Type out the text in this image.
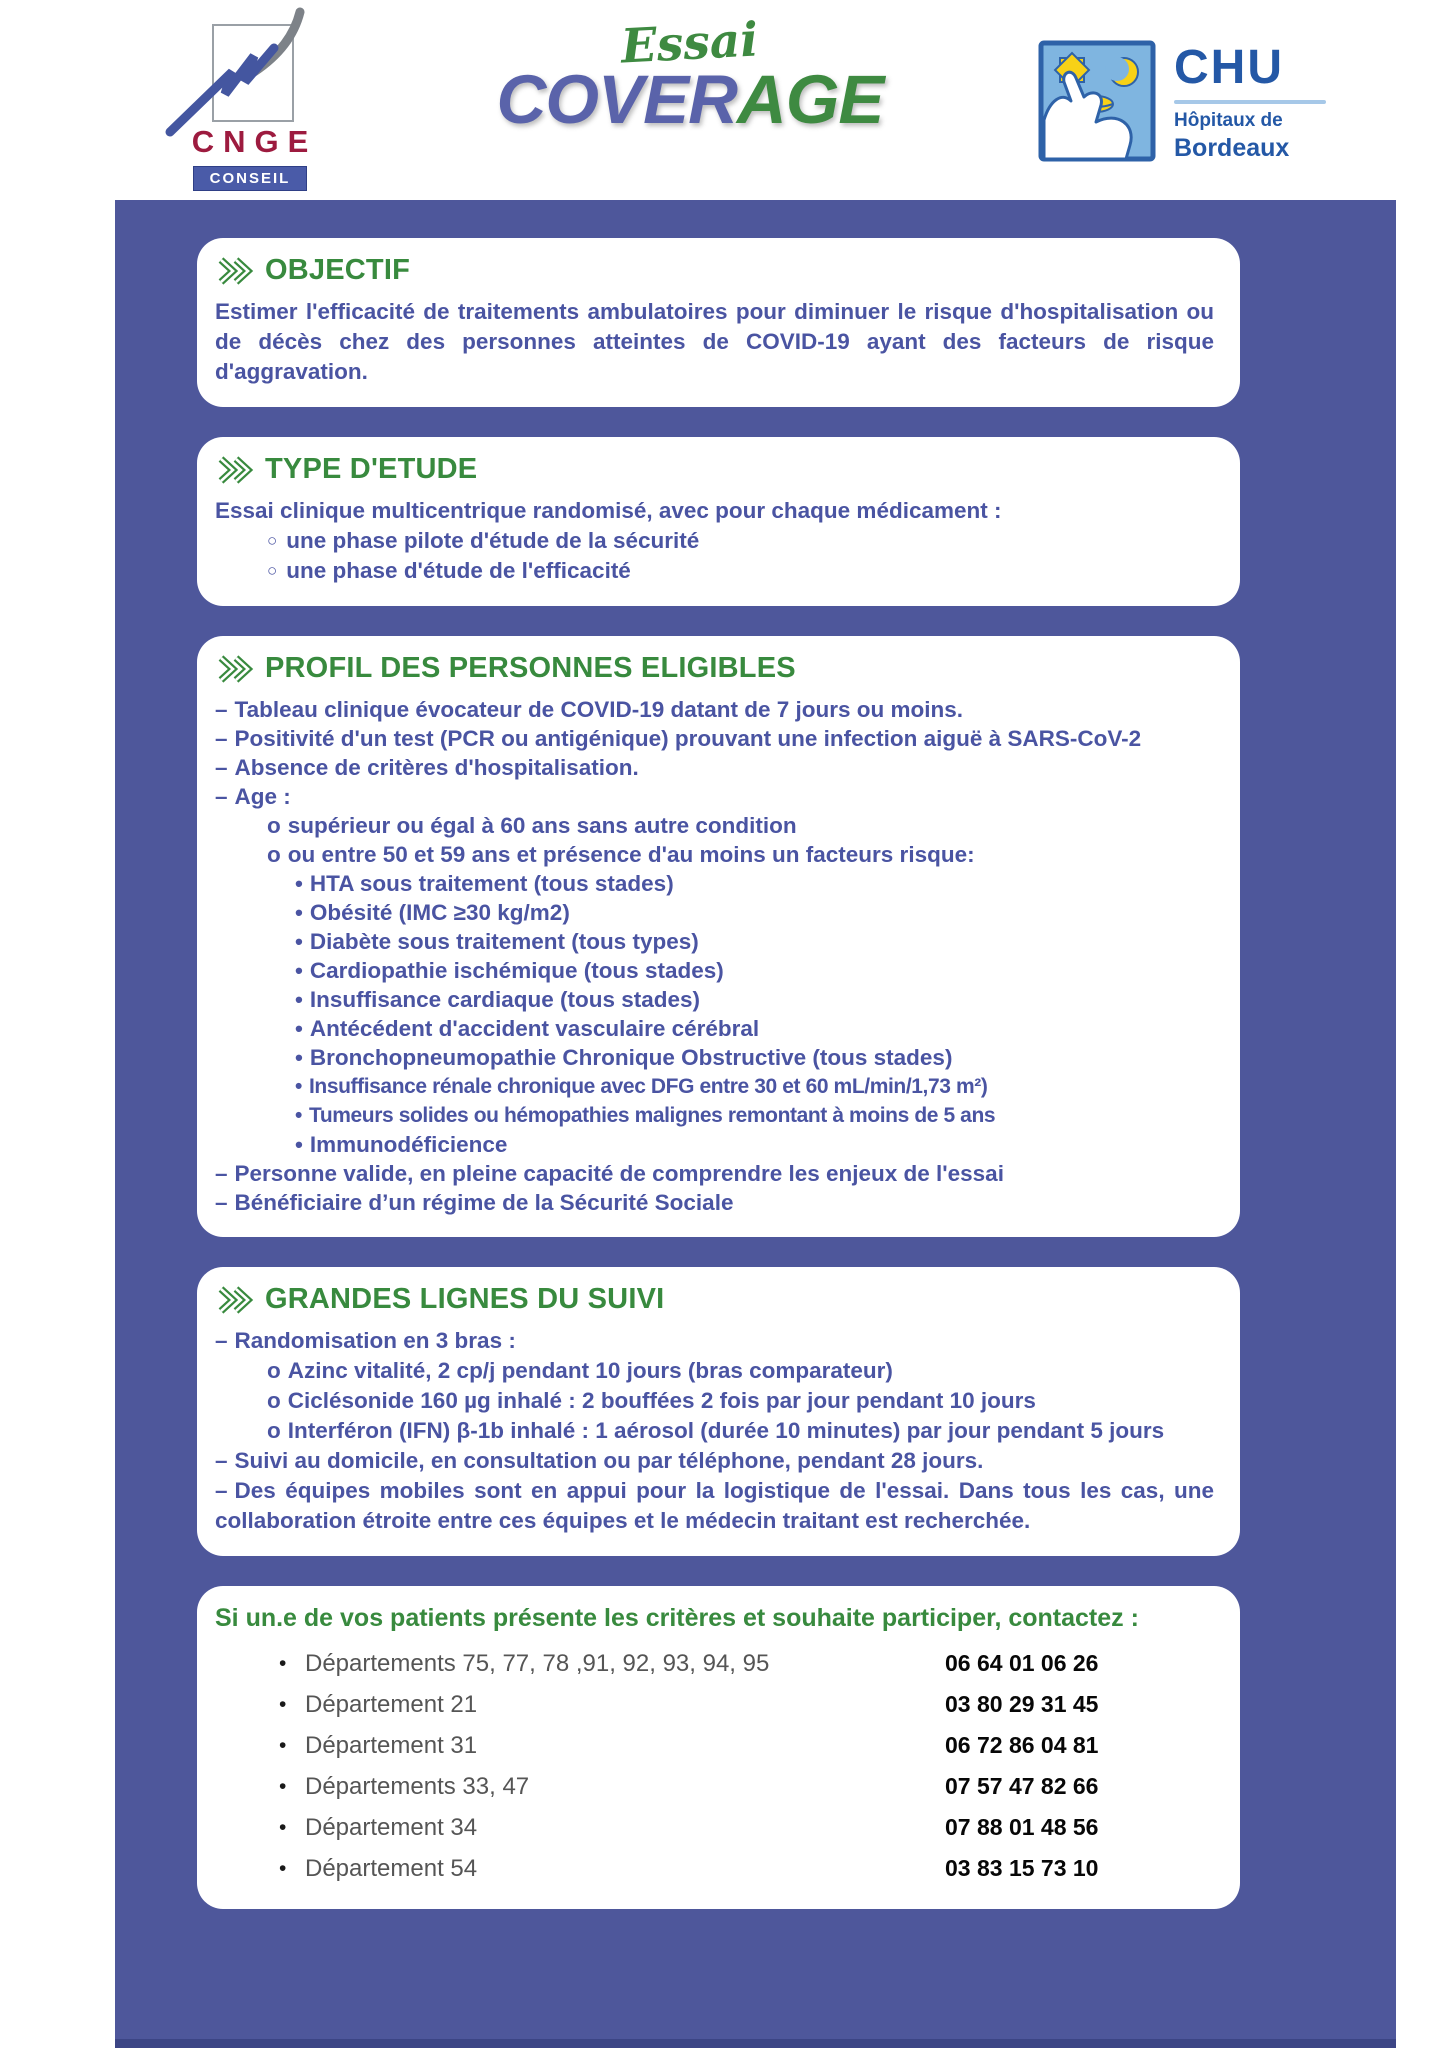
CNGE
CONSEIL
Essai
COVERAGE	CHU
Hôpitaux de
Bordeaux
OBJECTIF

Estimer l'efficacité de traitements ambulatoires pour diminuer le risque d'hospitalisation ou de décès chez des personnes atteintes de COVID-19 ayant des facteurs de risque d'aggravation.

TYPE D'ETUDE
Essai clinique multicentrique randomisé, avec pour chaque médicament :
○ une phase pilote d'étude de la sécurité
○ une phase d'étude de l'efficacité
PROFIL DES PERSONNES ELIGIBLES
– Tableau clinique évocateur de COVID-19 datant de 7 jours ou moins.
– Positivité d'un test (PCR ou antigénique) prouvant une infection aiguë à SARS-CoV-2
– Absence de critères d'hospitalisation.
– Age :
o supérieur ou égal à 60 ans sans autre condition
o ou entre 50 et 59 ans et présence d'au moins un facteurs risque:
• HTA sous traitement (tous stades)
• Obésité (IMC ≥30 kg/m2)
• Diabète sous traitement (tous types)
• Cardiopathie ischémique (tous stades)
• Insuffisance cardiaque (tous stades)
• Antécédent d'accident vasculaire cérébral
• Bronchopneumopathie Chronique Obstructive (tous stades)
• Insuffisance rénale chronique avec DFG entre 30 et 60 mL/min/1,73 m²)
• Tumeurs solides ou hémopathies malignes remontant à moins de 5 ans
• Immunodéficience
– Personne valide, en pleine capacité de comprendre les enjeux de l'essai
– Bénéficiaire d’un régime de la Sécurité Sociale
GRANDES LIGNES DU SUIVI
– Randomisation en 3 bras :
o Azinc vitalité, 2 cp/j pendant 10 jours (bras comparateur)
o Ciclésonide 160 µg inhalé : 2 bouffées 2 fois par jour pendant 10 jours
o Interféron (IFN) β-1b inhalé : 1 aérosol (durée 10 minutes) par jour pendant 5 jours
– Suivi au domicile, en consultation ou par téléphone, pendant 28 jours.
– Des équipes mobiles sont en appui pour la logistique de l'essai. Dans tous les cas, une collaboration étroite entre ces équipes et le médecin traitant est recherchée.
Si un.e de vos patients présente les critères et souhaite participer, contactez :
• Départements 75, 77, 78 ,91, 92, 93, 94, 95	06 64 01 06 26
• Département 21	03 80 29 31 45
• Département 31	06 72 86 04 81
• Départements 33, 47	07 57 47 82 66
• Département 34	07 88 01 48 56
• Département 54	03 83 15 73 10
